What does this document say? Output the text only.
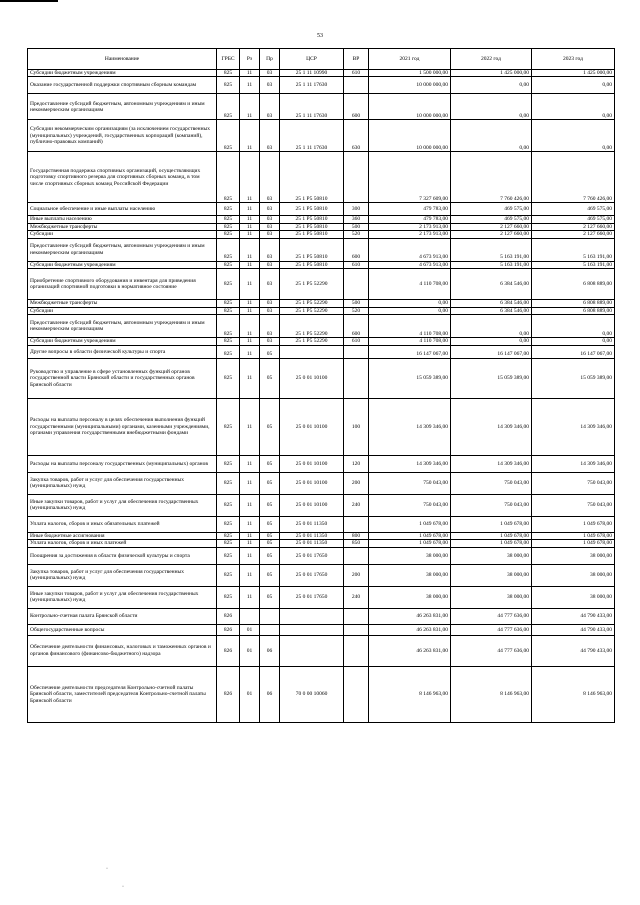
53
Наименование	ГРБС	Рз	Пр	ЦСР	ВР	2021 год	2022 год	2023 год
Субсидии бюджетным учреждениям	825	11	03	25 1 11 10990	610	1 500 000,00	1 425 000,00	1 425 000,00
Оказание государственной поддержки спортивным сборным командам	825	11	03	25 1 11 17630		10 000 000,00	0,00	0,00
Предоставление субсидий бюджетным, автономным учреждениям и иным некоммерческим организациям	825	11	03	25 1 11 17630	600	10 000 000,00	0,00	0,00
Субсидии некоммерческим организациям (за исключением государственных (муниципальных) учреждений, государственных корпораций (компаний), публично-правовых компаний)	825	11	03	25 1 11 17630	630	10 000 000,00	0,00	0,00
Государственная поддержка спортивных организаций, осуществляющих подготовку спортивного резерва для спортивных сборных команд, в том числе спортивных сборных команд Российской Федерации	825	11	03	25 1 P5 50810		7 327 609,00	7 760 426,00	7 760 426,00
Социальное обеспечение и иные выплаты населению	825	11	03	25 1 P5 50810	300	479 783,00	469 575,00	469 575,00
Иные выплаты населению	825	11	03	25 1 P5 50810	360	479 783,00	469 575,00	469 575,00
Межбюджетные трансферты	825	11	03	25 1 P5 50810	500	2 173 913,00	2 127 660,00	2 127 660,00
Субсидии	825	11	03	25 1 P5 50810	520	2 173 913,00	2 127 660,00	2 127 660,00
Предоставление субсидий бюджетным, автономным учреждениям и иным некоммерческим организациям	825	11	03	25 1 P5 50810	600	4 673 913,00	5 163 191,00	5 163 191,00
Субсидии бюджетным учреждениям	825	11	03	25 1 P5 50810	610	4 673 913,00	5 163 191,00	5 163 191,00
Приобретение спортивного оборудования и инвентаря для приведения организаций спортивной подготовки в нормативное состояние	825	11	03	25 1 P5 52290		4 110 708,00	6 384 546,00	6 808 889,00
Межбюджетные трансферты	825	11	03	25 1 P5 52290	500	0,00	6 384 546,00	6 808 889,00
Субсидии	825	11	03	25 1 P5 52290	520	0,00	6 384 546,00	6 808 889,00
Предоставление субсидий бюджетным, автономным учреждениям и иным некоммерческим организациям	825	11	03	25 1 P5 52290	600	4 110 708,00	0,00	0,00
Субсидии бюджетным учреждениям	825	11	03	25 1 P5 52290	610	4 110 708,00	0,00	0,00
Другие вопросы в области физической культуры и спорта	825	11	05			16 147 067,00	16 147 067,00	16 147 067,00
Руководство и управление в сфере установленных функций органов государственной власти Брянской области и государственных органов Брянской области	825	11	05	25 0 01 10100		15 059 389,00	15 059 389,00	15 059 389,00
Расходы на выплаты персоналу в целях обеспечения выполнения функций государственными (муниципальными) органами, казенными учреждениями, органами управления государственными внебюджетными фондами	825	11	05	25 0 01 10100	100	14 309 346,00	14 309 346,00	14 309 346,00
Расходы на выплаты персоналу государственных (муниципальных) органов	825	11	05	25 0 01 10100	120	14 309 346,00	14 309 346,00	14 309 346,00
Закупка товаров, работ и услуг для обеспечения государственных (муниципальных) нужд	825	11	05	25 0 01 10100	200	750 043,00	750 043,00	750 043,00
Иные закупки товаров, работ и услуг для обеспечения государственных (муниципальных) нужд	825	11	05	25 0 01 10100	240	750 043,00	750 043,00	750 043,00
Уплата налогов, сборов и иных обязательных платежей	825	11	05	25 0 01 11350		1 049 678,00	1 049 678,00	1 049 678,00
Иные бюджетные ассигнования	825	11	05	25 0 01 11350	800	1 049 678,00	1 049 678,00	1 049 678,00
Уплата налогов, сборов и иных платежей	825	11	05	25 0 01 11350	850	1 049 678,00	1 049 678,00	1 049 678,00
Поощрения за достижения в области физической культуры и спорта	825	11	05	25 0 01 17650		38 000,00	38 000,00	38 000,00
Закупка товаров, работ и услуг для обеспечения государственных (муниципальных) нужд	825	11	05	25 0 01 17650	200	38 000,00	38 000,00	38 000,00
Иные закупки товаров, работ и услуг для обеспечения государственных (муниципальных) нужд	825	11	05	25 0 01 17650	240	38 000,00	38 000,00	38 000,00
Контрольно-счетная палата Брянской области	826					46 263 831,00	44 777 636,00	44 790 433,00
Общегосударственные вопросы	826	01				46 263 831,00	44 777 636,00	44 790 433,00
Обеспечение деятельности финансовых, налоговых и таможенных органов и органов финансового (финансово-бюджетного) надзора	826	01	06			46 263 831,00	44 777 636,00	44 790 433,00
Обеспечение деятельности председателя Контрольно-счетной палаты Брянской области, заместителей председателя Контрольно-счетной палаты Брянской области	826	01	06	70 0 00 10060		8 146 963,00	8 146 963,00	8 146 963,00
·
·
